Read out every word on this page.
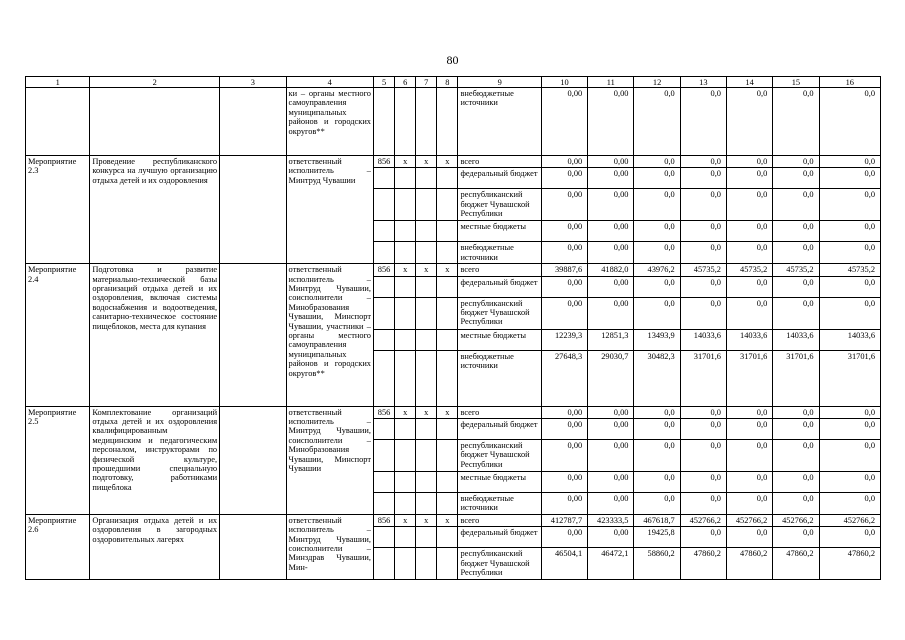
80
1	2	3	4	5	6	7	8	9	10	11	12	13	14	15	16
			ки – органы местного самоуправления муниципальных районов и городских округов**					внебюджетные источники	0,00	0,00	0,0	0,0	0,0	0,0	0,0
Мероприятие 2.3	Проведение республиканского конкурса на лучшую организацию отдыха детей и их оздоровления		ответственный исполнитель – Минтруд Чувашии	856	x	x	x	всего	0,00	0,00	0,0	0,0	0,0	0,0	0,0
								федеральный бюджет	0,00	0,00	0,0	0,0	0,0	0,0	0,0
								республиканский бюджет Чувашской Республики	0,00	0,00	0,0	0,0	0,0	0,0	0,0
								местные бюджеты	0,00	0,00	0,0	0,0	0,0	0,0	0,0
								внебюджетные источники	0,00	0,00	0,0	0,0	0,0	0,0	0,0
Мероприятие 2.4	Подготовка и развитие материально-технической базы организаций отдыха детей и их оздоровления, включая системы водоснабжения и водоотведения, санитарно-техническое состояние пищеблоков, места для купания		ответственный исполнитель – Минтруд Чувашии, соисполнители – Минобразования Чувашии, Минспорт Чувашии, участники – органы местного самоуправления муниципальных районов и городских округов**	856	x	x	x	всего	39887,6	41882,0	43976,2	45735,2	45735,2	45735,2	45735,2
								федеральный бюджет	0,00	0,00	0,0	0,0	0,0	0,0	0,0
								республиканский бюджет Чувашской Республики	0,00	0,00	0,0	0,0	0,0	0,0	0,0
								местные бюджеты	12239,3	12851,3	13493,9	14033,6	14033,6	14033,6	14033,6
								внебюджетные источники	27648,3	29030,7	30482,3	31701,6	31701,6	31701,6	31701,6
Мероприятие 2.5	Комплектование организаций отдыха детей и их оздоровления квалифицированным медицинским и педагогическим персоналом, инструкторами по физической культуре, прошедшими специальную подготовку, работниками пищеблока		ответственный исполнитель – Минтруд Чувашии, соисполнители – Минобразования Чувашии, Минспорт Чувашии	856	x	x	x	всего	0,00	0,00	0,0	0,0	0,0	0,0	0,0
								федеральный бюджет	0,00	0,00	0,0	0,0	0,0	0,0	0,0
								республиканский бюджет Чувашской Республики	0,00	0,00	0,0	0,0	0,0	0,0	0,0
								местные бюджеты	0,00	0,00	0,0	0,0	0,0	0,0	0,0
								внебюджетные источники	0,00	0,00	0,0	0,0	0,0	0,0	0,0
Мероприятие 2.6	Организация отдыха детей и их оздоровления в загородных оздоровительных лагерях		ответственный исполнитель – Минтруд Чувашии, соисполнители – Минздрав Чувашии, Мин-	856	x	x	x	всего	412787,7	423333,5	467618,7	452766,2	452766,2	452766,2	452766,2
								федеральный бюджет	0,00	0,00	19425,8	0,0	0,0	0,0	0,0
								республиканский бюджет Чувашской Республики	46504,1	46472,1	58860,2	47860,2	47860,2	47860,2	47860,2
